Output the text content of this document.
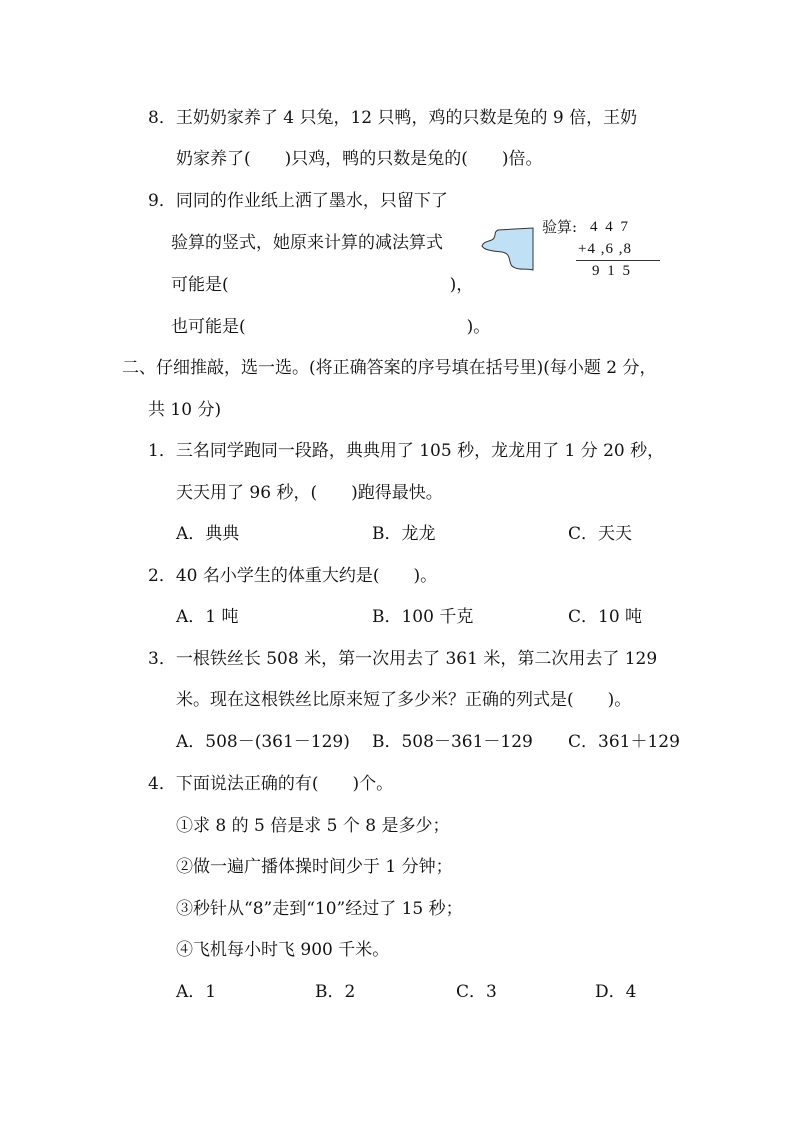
8．王奶奶家养了 4 只兔，12 只鸭，鸡的只数是兔的 9 倍，王奶
奶家养了(　　)只鸡，鸭的只数是兔的(　　)倍。
9．同同的作业纸上洒了墨水，只留下了
验算的竖式，她原来计算的减法算式
可能是(　　　　　　　　　　　　　)，
也可能是(　　　　　　　　　　　　　)。
验算: 4 4 7
+4 ,6 ,8
9 1 5
二、仔细推敲，选一选。(将正确答案的序号填在括号里)(每小题 2 分，
共 10 分)
1．三名同学跑同一段路，典典用了 105 秒，龙龙用了 1 分 20 秒，
天天用了 96 秒，(　　)跑得最快。
A．典典	B．龙龙	C．天天
2．40 名小学生的体重大约是(　　)。
A．1 吨	B．100 千克	C．10 吨
3．一根铁丝长 508 米，第一次用去了 361 米，第二次用去了 129
米。现在这根铁丝比原来短了多少米？正确的列式是(　　)。
A．508－(361－129) B．508－361－129 C．361＋129
4．下面说法正确的有(　　)个。
①求 8 的 5 倍是求 5 个 8 是多少；
②做一遍广播体操时间少于 1 分钟；
③秒针从“8”走到“10”经过了 15 秒；
④飞机每小时飞 900 千米。
A．1	B．2	C．3	D．4
